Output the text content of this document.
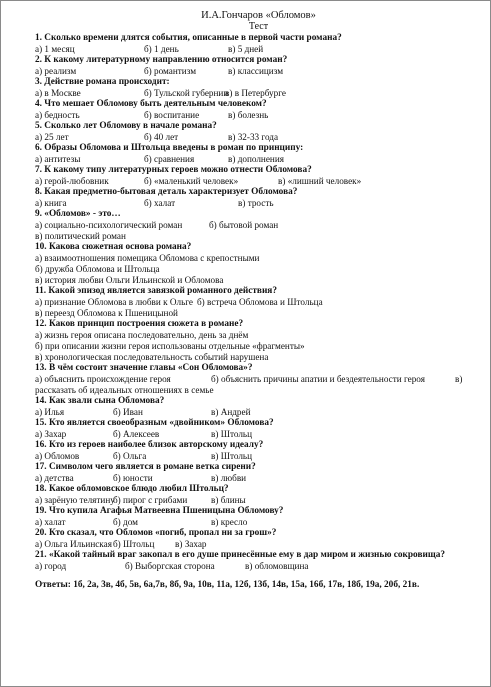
И.А.Гончаров «Обломов»
Тест
1. Сколько времени длятся события, описанные в первой части романа?
а) 1 месяц	б) 1 день	в) 5 дней
2. К какому литературному направлению относится роман?
а) реализм	б) романтизм	в) классицизм
3. Действие романа происходит:
а) в Москве	б) Тульской губернии
в) в Петербурге
4. Что мешает Обломову быть деятельным человеком?
а) бедность	б) воспитание	в) болезнь
5. Сколько лет Обломову в начале романа?
а) 25 лет	б) 40 лет	в) 32-33 года
6. Образы Обломова и Штольца введены в роман по принципу:
а) антитезы	б) сравнения	в) дополнения
7. К какому типу литературных героев можно отнести Обломова?
а) герой-любовник	б) «маленький человек»	в) «лишний человек»
8. Какая предметно-бытовая деталь характеризует Обломова?
а) книга	б) халат	в) трость
9. «Обломов» - это…
а) социально-психологический роман	б) бытовой роман
в) политический роман
10. Какова сюжетная основа романа?
а) взаимоотношения помещика Обломова с крепостными
б) дружба Обломова и Штольца
в) история любви Ольги Ильинской и Обломова
11. Какой эпизод является завязкой романного действия?
а) признание Обломова в любви к Ольге б) встреча Обломова и Штольца
в) переезд Обломова к Пшеницыной
12. Каков принцип построения сюжета в романе?
а) жизнь героя описана последовательно, день за днём
б) при описании жизни героя использованы отдельные «фрагменты»
в) хронологическая последовательность событий нарушена
13. В чём состоит значение главы «Сон Обломова»?
а) объяснить происхождение героя	б) объяснить причины апатии и бездеятельности героя	в)
рассказать об идеальных отношениях в семье
14. Как звали сына Обломова?
а) Илья	б) Иван	в) Андрей
15. Кто является своеобразным «двойником» Обломова?
а) Захар	б) Алексеев	в) Штольц
16. Кто из героев наиболее близок авторскому идеалу?
а) Обломов	б) Ольга	в) Штольц
17. Символом чего является в романе ветка сирени?
а) детства	б) юности	в) любви
18. Какое обломовское блюдо любил Штольц?
а) зарёную телятину
б) пирог с грибами	в) блины
19. Что купила Агафья Матвеевна Пшеницына Обломову?
а) халат	б) дом	в) кресло
20. Кто сказал, что Обломов «погиб, пропал ни за грош»?
а) Ольга Ильинская б) Штольц в) Захар
21. «Какой тайный враг закопал в его душе принесённые ему в дар миром и жизнью сокровища?
а) город	б) Выборгская сторона	в) обломовщина
Ответы: 1б, 2а, 3в, 4б, 5в, 6а,7в, 8б, 9а, 10в, 11а, 12б, 13б, 14в, 15а, 16б, 17в, 18б, 19а, 20б, 21в.
